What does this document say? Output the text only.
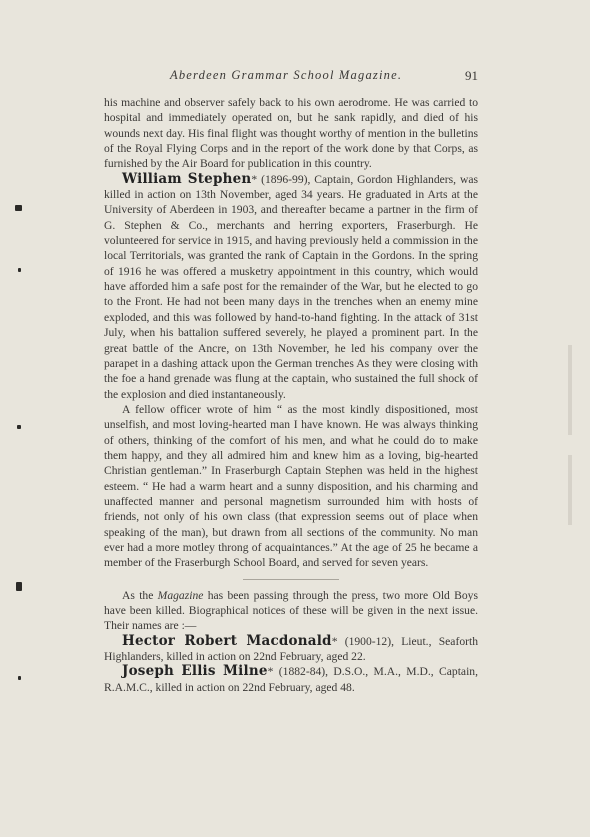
Aberdeen Grammar School Magazine.	91

his machine and observer safely back to his own aerodrome. He was carried to hospital and immediately operated on, but he sank rapidly, and died of his wounds next day. His final flight was thought worthy of mention in the bulletins of the Royal Flying Corps and in the report of the work done by that Corps, as furnished by the Air Board for publication in this country.

William Stephen* (1896-99), Captain, Gordon Highlanders, was killed in action on 13th November, aged 34 years. He graduated in Arts at the University of Aberdeen in 1903, and thereafter became a partner in the firm of G. Stephen & Co., merchants and herring exporters, Fraserburgh. He volunteered for service in 1915, and having previously held a commission in the local Territorials, was granted the rank of Captain in the Gordons. In the spring of 1916 he was offered a musketry appointment in this country, which would have afforded him a safe post for the remainder of the War, but he elected to go to the Front. He had not been many days in the trenches when an enemy mine exploded, and this was followed by hand-to-hand fighting. In the attack of 31st July, when his battalion suffered severely, he played a prominent part. In the great battle of the Ancre, on 13th November, he led his company over the parapet in a dashing attack upon the German trenches As they were closing with the foe a hand grenade was flung at the captain, who sustained the full shock of the explosion and died instantaneously.

A fellow officer wrote of him “ as the most kindly dispositioned, most unselfish, and most loving-hearted man I have known. He was always thinking of others, thinking of the comfort of his men, and what he could do to make them happy, and they all admired him and knew him as a loving, big-hearted Christian gentleman.” In Fraserburgh Captain Stephen was held in the highest esteem. “ He had a warm heart and a sunny disposition, and his charming and unaffected manner and personal magnetism surrounded him with hosts of friends, not only of his own class (that expression seems out of place when speaking of the man), but drawn from all sections of the community. No man ever had a more motley throng of acquaintances.” At the age of 25 he became a member of the Fraserburgh School Board, and served for seven years.

As the Magazine has been passing through the press, two more Old Boys have been killed. Biographical notices of these will be given in the next issue. Their names are :—

Hector Robert Macdonald* (1900-12), Lieut., Seaforth Highlanders, killed in action on 22nd February, aged 22.

Joseph Ellis Milne* (1882-84), D.S.O., M.A., M.D., Captain, R.A.M.C., killed in action on 22nd February, aged 48.
